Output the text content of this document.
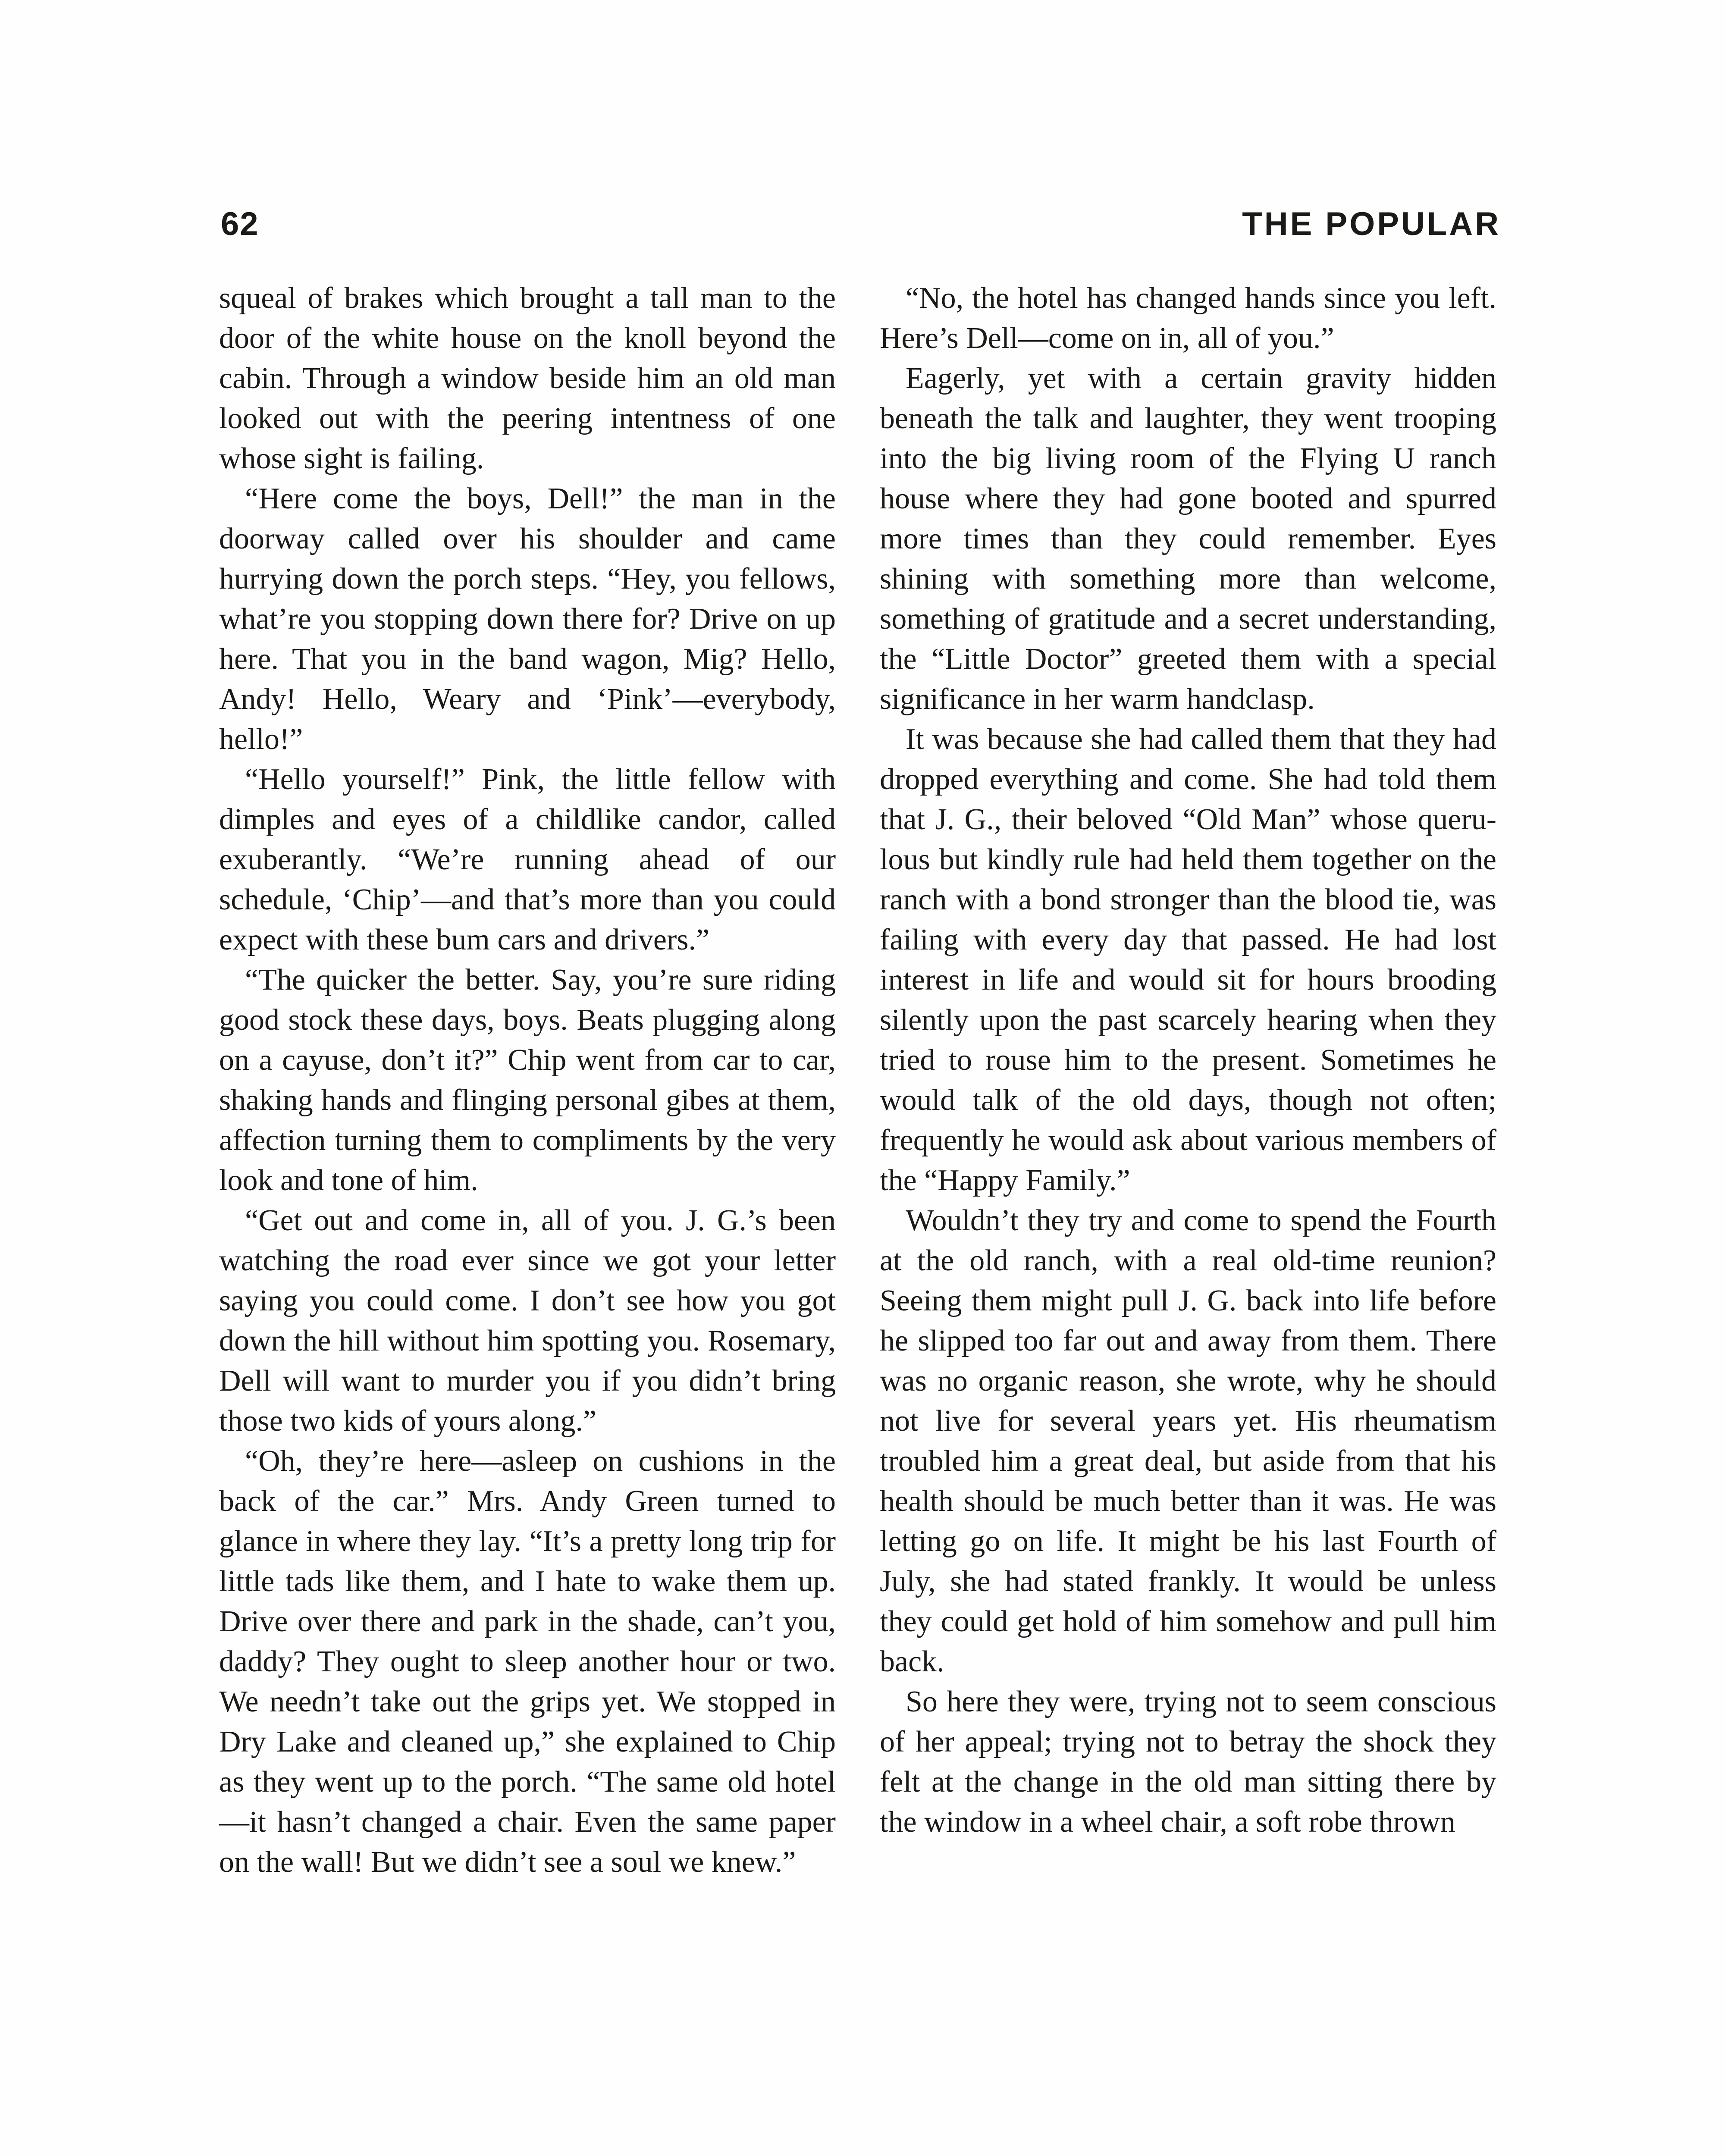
62	THE POPULAR

squeal of brakes which brought a tall man to the door of the white house on the knoll beyond the cabin. Through a window beside him an old man looked out with the peering intentness of one whose sight is failing.

“Here come the boys, Dell!” the man in the doorway called over his shoulder and came hurrying down the porch steps. “Hey, you fellows, what’re you stopping down there for? Drive on up here. That you in the band wagon, Mig? Hello, Andy! Hello, Weary and ‘Pink’—everybody, hello!”

“Hello yourself!” Pink, the little fellow with dimples and eyes of a childlike candor, called exuberantly. “We’re running ahead of our schedule, ‘Chip’—and that’s more than you could expect with these bum cars and drivers.”

“The quicker the better. Say, you’re sure riding good stock these days, boys. Beats plugging along on a cayuse, don’t it?” Chip went from car to car, shaking hands and flinging personal gibes at them, affection turning them to compliments by the very look and tone of him.

“Get out and come in, all of you. J. G.’s been watching the road ever since we got your letter saying you could come. I don’t see how you got down the hill without him spotting you. Rosemary, Dell will want to murder you if you didn’t bring those two kids of yours along.”

“Oh, they’re here—asleep on cushions in the back of the car.” Mrs. Andy Green turned to glance in where they lay. “It’s a pretty long trip for little tads like them, and I hate to wake them up. Drive over there and park in the shade, can’t you, daddy? They ought to sleep another hour or two. We needn’t take out the grips yet. We stopped in Dry Lake and cleaned up,” she explained to Chip as they went up to the porch. “The same old hotel—it hasn’t changed a chair. Even the same paper on the wall! But we didn’t see a soul we knew.”

“No, the hotel has changed hands since you left. Here’s Dell—come on in, all of you.”

Eagerly, yet with a certain gravity hidden beneath the talk and laughter, they went trooping into the big living room of the Flying U ranch house where they had gone booted and spurred more times than they could remember. Eyes shining with something more than welcome, something of gratitude and a secret understanding, the “Little Doctor” greeted them with a special significance in her warm handclasp.

It was because she had called them that they had dropped everything and come. She had told them that J. G., their beloved “Old Man” whose querulous but kindly rule had held them together on the ranch with a bond stronger than the blood tie, was failing with every day that passed. He had lost interest in life and would sit for hours brooding silently upon the past scarcely hearing when they tried to rouse him to the present. Sometimes he would talk of the old days, though not often; frequently he would ask about various members of the “Happy Family.”

Wouldn’t they try and come to spend the Fourth at the old ranch, with a real old-time reunion? Seeing them might pull J. G. back into life before he slipped too far out and away from them. There was no organic reason, she wrote, why he should not live for several years yet. His rheumatism troubled him a great deal, but aside from that his health should be much better than it was. He was letting go on life. It might be his last Fourth of July, she had stated frankly. It would be unless they could get hold of him somehow and pull him back.

So here they were, trying not to seem conscious of her appeal; trying not to betray the shock they felt at the change in the old man sitting there by the window in a wheel chair, a soft robe thrown
